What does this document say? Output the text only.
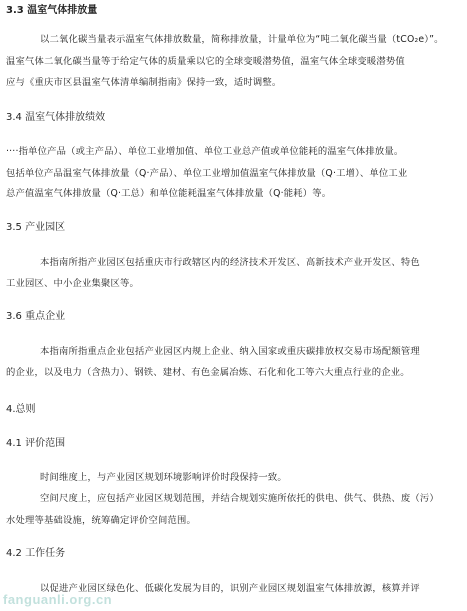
3.3 温室气体排放量
以二氧化碳当量表示温室气体排放数量，简称排放量，计量单位为“吨二氧化碳当量（tCO₂e）”。
温室气体二氧化碳当量等于给定气体的质量乘以它的全球变暖潜势值，温室气体全球变暖潜势值
应与《重庆市区县温室气体清单编制指南》保持一致，适时调整。
3.4 温室气体排放绩效
····指单位产品（或主产品）、单位工业增加值、单位工业总产值或单位能耗的温室气体排放量。
包括单位产品温室气体排放量（Q·产品）、单位工业增加值温室气体排放量（Q·工增）、单位工业
总产值温室气体排放量（Q·工总）和单位能耗温室气体排放量（Q·能耗）等。
3.5 产业园区
本指南所指产业园区包括重庆市行政辖区内的经济技术开发区、高新技术产业开发区、特色
工业园区、中小企业集聚区等。
3.6 重点企业
本指南所指重点企业包括产业园区内规上企业、纳入国家或重庆碳排放权交易市场配额管理
的企业，以及电力（含热力）、钢铁、建材、有色金属冶炼、石化和化工等六大重点行业的企业。
4.总则
4.1 评价范围
时间维度上，与产业园区规划环境影响评价时段保持一致。
空间尺度上，应包括产业园区规划范围，并结合规划实施所依托的供电、供气、供热、废（污）
水处理等基础设施，统筹确定评价空间范围。
4.2 工作任务
以促进产业园区绿色化、低碳化发展为目的，识别产业园区规划温室气体排放源，核算并评
fanguanli.org.cn
